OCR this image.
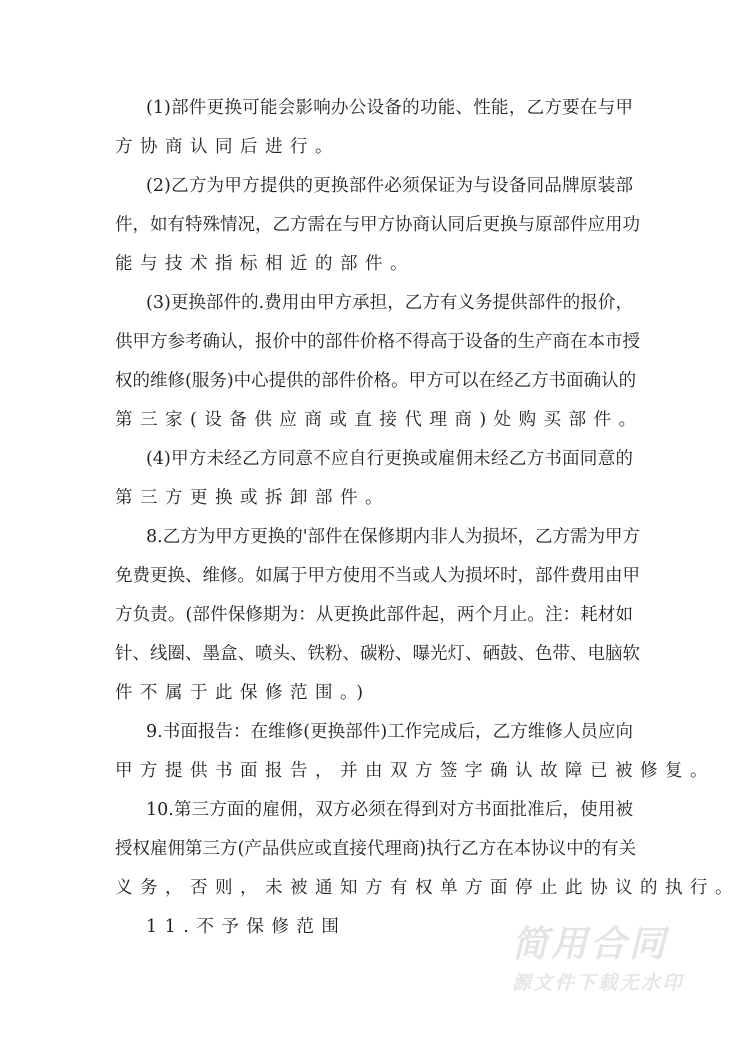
(1)部件更换可能会影响办公设备的功能、性能，乙方要在与甲
方协商认同后进行。
(2)乙方为甲方提供的更换部件必须保证为与设备同品牌原装部
件，如有特殊情况，乙方需在与甲方协商认同后更换与原部件应用功
能与技术指标相近的部件。
(3)更换部件的.费用由甲方承担，乙方有义务提供部件的报价，
供甲方参考确认，报价中的部件价格不得高于设备的生产商在本市授
权的维修(服务)中心提供的部件价格。甲方可以在经乙方书面确认的
第三家(设备供应商或直接代理商)处购买部件。
(4)甲方未经乙方同意不应自行更换或雇佣未经乙方书面同意的
第三方更换或拆卸部件。
8.乙方为甲方更换的'部件在保修期内非人为损坏，乙方需为甲方
免费更换、维修。如属于甲方使用不当或人为损坏时，部件费用由甲
方负责。(部件保修期为：从更换此部件起，两个月止。注：耗材如
针、线圈、墨盒、喷头、铁粉、碳粉、曝光灯、硒鼓、色带、电脑软
件不属于此保修范围。)
9.书面报告：在维修(更换部件)工作完成后，乙方维修人员应向
甲方提供书面报告，并由双方签字确认故障已被修复。
10.第三方面的雇佣，双方必须在得到对方书面批准后，使用被
授权雇佣第三方(产品供应或直接代理商)执行乙方在本协议中的有关
义务，否则，未被通知方有权单方面停止此协议的执行。
11.不予保修范围	简用合同
源文件下载无水印
